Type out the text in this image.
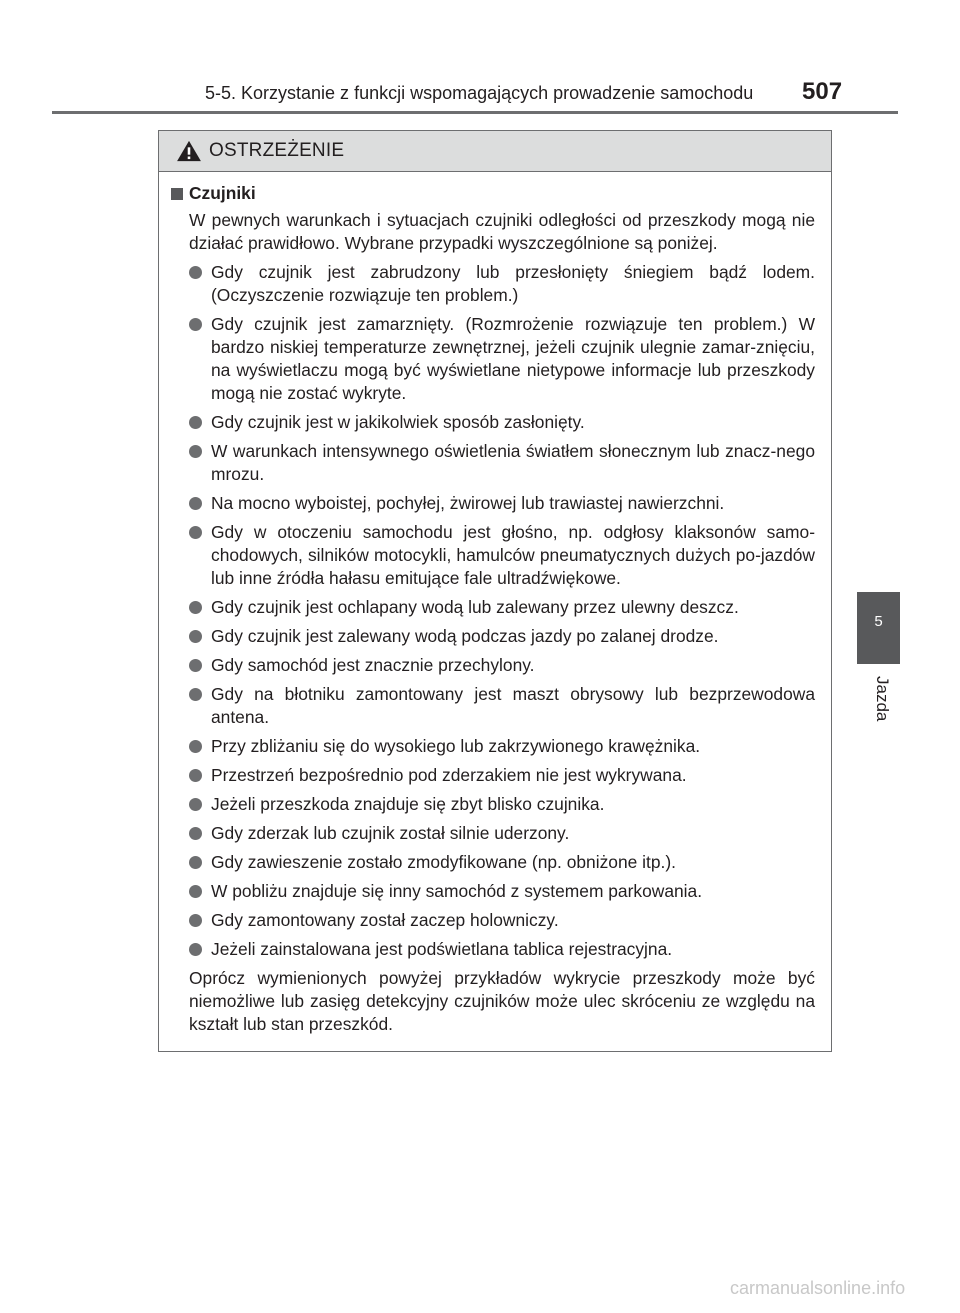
5-5. Korzystanie z funkcji wspomagających prowadzenie samochodu 507
5
Jazda
OSTRZEŻENIE
Czujniki
W pewnych warunkach i sytuacjach czujniki odległości od przeszkody mogą nie działać prawidłowo. Wybrane przypadki wyszczególnione są poniżej.
Gdy czujnik jest zabrudzony lub przesłonięty śniegiem bądź lodem. (Oczyszczenie rozwiązuje ten problem.)
Gdy czujnik jest zamarznięty. (Rozmrożenie rozwiązuje ten problem.) W bardzo niskiej temperaturze zewnętrznej, jeżeli czujnik ulegnie zamar-znięciu, na wyświetlaczu mogą być wyświetlane nietypowe informacje lub przeszkody mogą nie zostać wykryte.
Gdy czujnik jest w jakikolwiek sposób zasłonięty.
W warunkach intensywnego oświetlenia światłem słonecznym lub znacz-nego mrozu.
Na mocno wyboistej, pochyłej, żwirowej lub trawiastej nawierzchni.
Gdy w otoczeniu samochodu jest głośno, np. odgłosy klaksonów samo-chodowych, silników motocykli, hamulców pneumatycznych dużych po-jazdów lub inne źródła hałasu emitujące fale ultradźwiękowe.
Gdy czujnik jest ochlapany wodą lub zalewany przez ulewny deszcz.
Gdy czujnik jest zalewany wodą podczas jazdy po zalanej drodze.
Gdy samochód jest znacznie przechylony.
Gdy na błotniku zamontowany jest maszt obrysowy lub bezprzewodowa antena.
Przy zbliżaniu się do wysokiego lub zakrzywionego krawężnika.
Przestrzeń bezpośrednio pod zderzakiem nie jest wykrywana.
Jeżeli przeszkoda znajduje się zbyt blisko czujnika.
Gdy zderzak lub czujnik został silnie uderzony.
Gdy zawieszenie zostało zmodyfikowane (np. obniżone itp.).
W pobliżu znajduje się inny samochód z systemem parkowania.
Gdy zamontowany został zaczep holowniczy.
Jeżeli zainstalowana jest podświetlana tablica rejestracyjna.
Oprócz wymienionych powyżej przykładów wykrycie przeszkody może być niemożliwe lub zasięg detekcyjny czujników może ulec skróceniu ze względu na kształt lub stan przeszkód.
carmanualsonline.info
